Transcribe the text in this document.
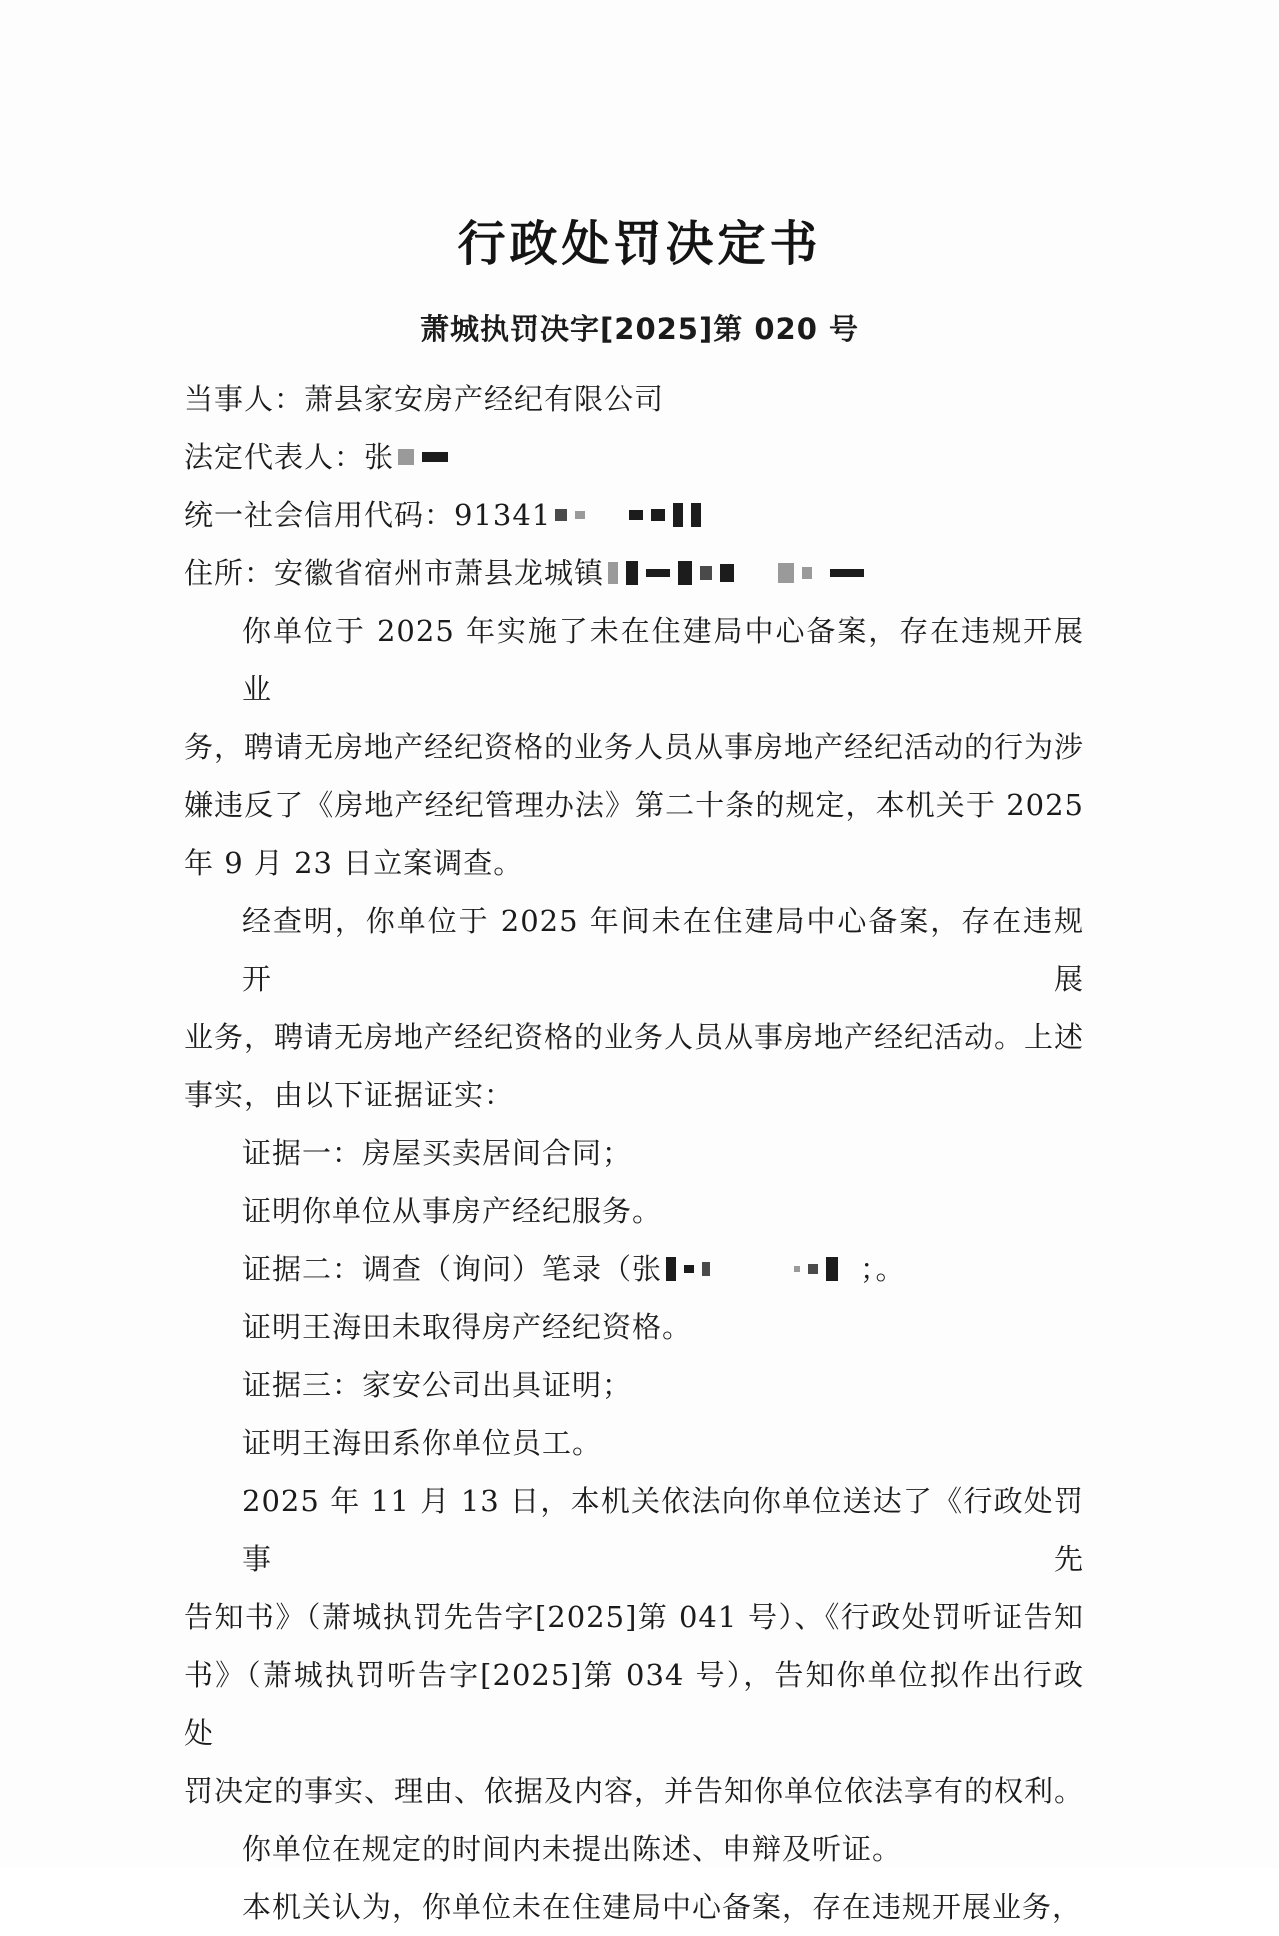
行政处罚决定书
萧城执罚决字[2025]第 020 号
当事人： 萧县家安房产经纪有限公司
法定代表人： 张
统一社会信用代码： 91341
住所： 安徽省宿州市萧县龙城镇
你单位于 2025 年实施了未在住建局中心备案，存在违规开展业
务，聘请无房地产经纪资格的业务人员从事房地产经纪活动的行为涉
嫌违反了《房地产经纪管理办法》第二十条的规定，本机关于 2025
年 9 月 23 日立案调查。
经查明，你单位于 2025 年间未在住建局中心备案，存在违规开展
业务，聘请无房地产经纪资格的业务人员从事房地产经纪活动。上述
事实，由以下证据证实：
证据一：房屋买卖居间合同；
证明你单位从事房产经纪服务。
证据二：调查（询问）笔录（张	；。
证明王海田未取得房产经纪资格。
证据三：家安公司出具证明；
证明王海田系你单位员工。
2025 年 11 月 13 日，本机关依法向你单位送达了《行政处罚事先
告知书》（萧城执罚先告字[2025]第 041 号）、《行政处罚听证告知
书》（萧城执罚听告字[2025]第 034 号），告知你单位拟作出行政处
罚决定的事实、理由、依据及内容，并告知你单位依法享有的权利。
你单位在规定的时间内未提出陈述、申辩及听证。
本机关认为，你单位未在住建局中心备案，存在违规开展业务，
